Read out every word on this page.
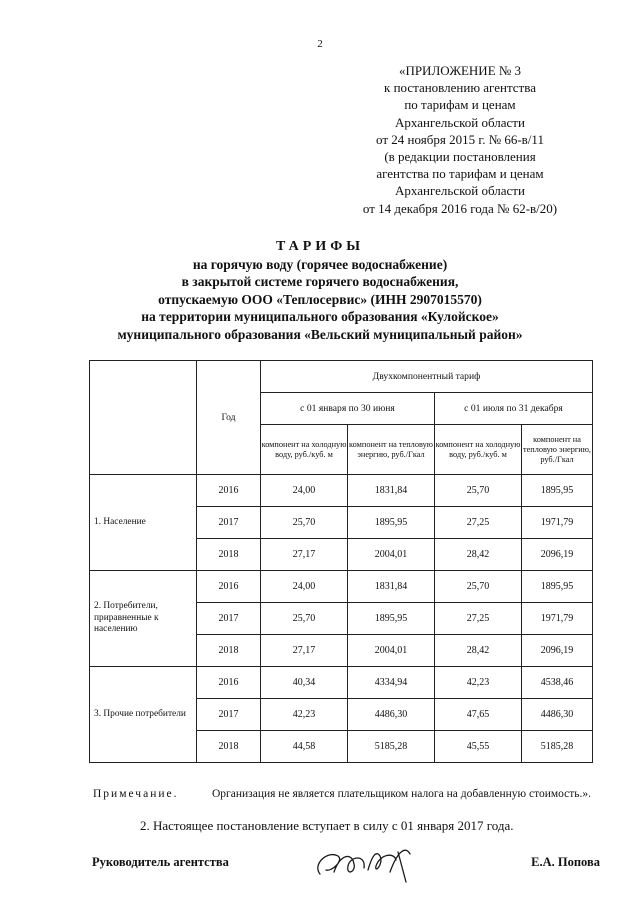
2
«ПРИЛОЖЕНИЕ № 3
к постановлению агентства
по тарифам и ценам
Архангельской области
от 24 ноября 2015 г. № 66-в/11
(в редакции постановления
агентства по тарифам и ценам
Архангельской области
от 14 декабря 2016 года № 62-в/20)
ТАРИФЫ
на горячую воду (горячее водоснабжение)
в закрытой системе горячего водоснабжения,
отпускаемую ООО «Теплосервис» (ИНН 2907015570)
на территории муниципального образования «Кулойское»
муниципального образования «Вельский муниципальный район»
	Год	Двухкомпонентный тариф			
		с 01 января по 30 июня		с 01 июля по 31 декабря	
		компонент на холодную воду, руб./куб. м	компонент на тепловую энергию, руб./Гкал	компонент на холодную воду, руб./куб. м	компонент на тепловую энергию, руб./Гкал
1. Население	2016	24,00	1831,84	25,70	1895,95
	2017	25,70	1895,95	27,25	1971,79
	2018	27,17	2004,01	28,42	2096,19
2. Потребители, приравненные к населению	2016	24,00	1831,84	25,70	1895,95
	2017	25,70	1895,95	27,25	1971,79
	2018	27,17	2004,01	28,42	2096,19
3. Прочие потребители	2016	40,34	4334,94	42,23	4538,46
	2017	42,23	4486,30	47,65	4486,30
	2018	44,58	5185,28	45,55	5185,28
Примечание.	Организация не является плательщиком налога на добавленную стоимость.».
2. Настоящее постановление вступает в силу с 01 января 2017 года.
Руководитель агентства	Е.А. Попова
